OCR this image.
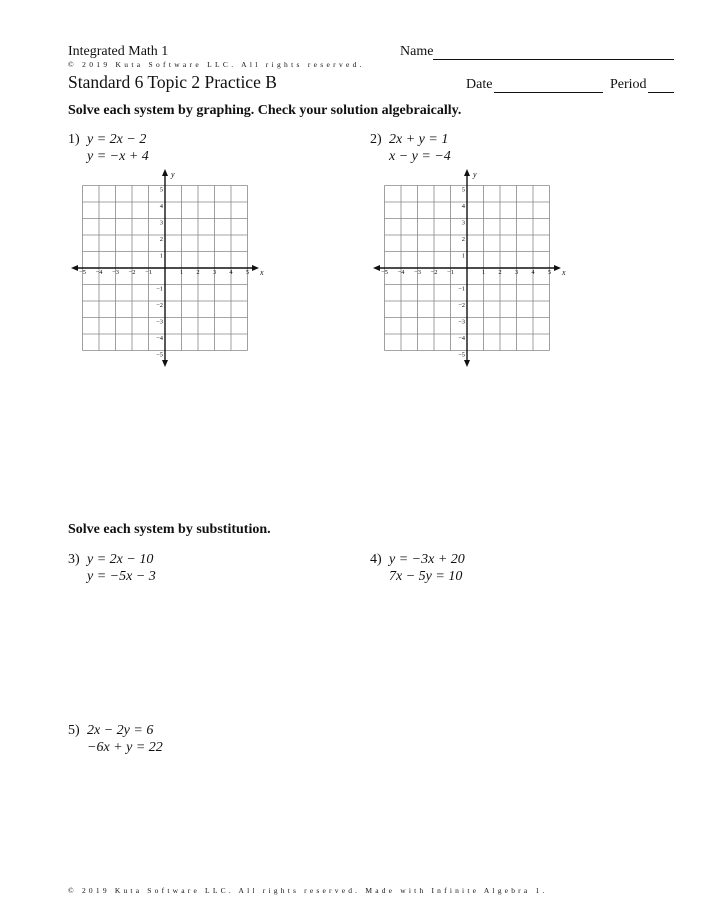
Integrated Math 1	Name
© 2019 Kuta Software LLC. All rights reserved.
Standard 6 Topic 2 Practice B	Date	Period
Solve each system by graphing. Check your solution algebraically.
1) y = 2x − 2
y = −x + 4
2) 2x + y = 1
x − y = −4
−5 −4 −3 −2 −1	1 2 3 4 5
5
4
3
2
1
−1
−2
−3
−4
−5
x
y
−5 −4 −3 −2 −1	1 2 3 4 5
5
4
3
2
1
−1
−2
−3
−4
−5
x
y
Solve each system by substitution.
3) y = 2x − 10
y = −5x − 3
4) y = −3x + 20
7x − 5y = 10
5) 2x − 2y = 6
−6x + y = 22
© 2019 Kuta Software LLC. All rights reserved. Made with Infinite Algebra 1.
